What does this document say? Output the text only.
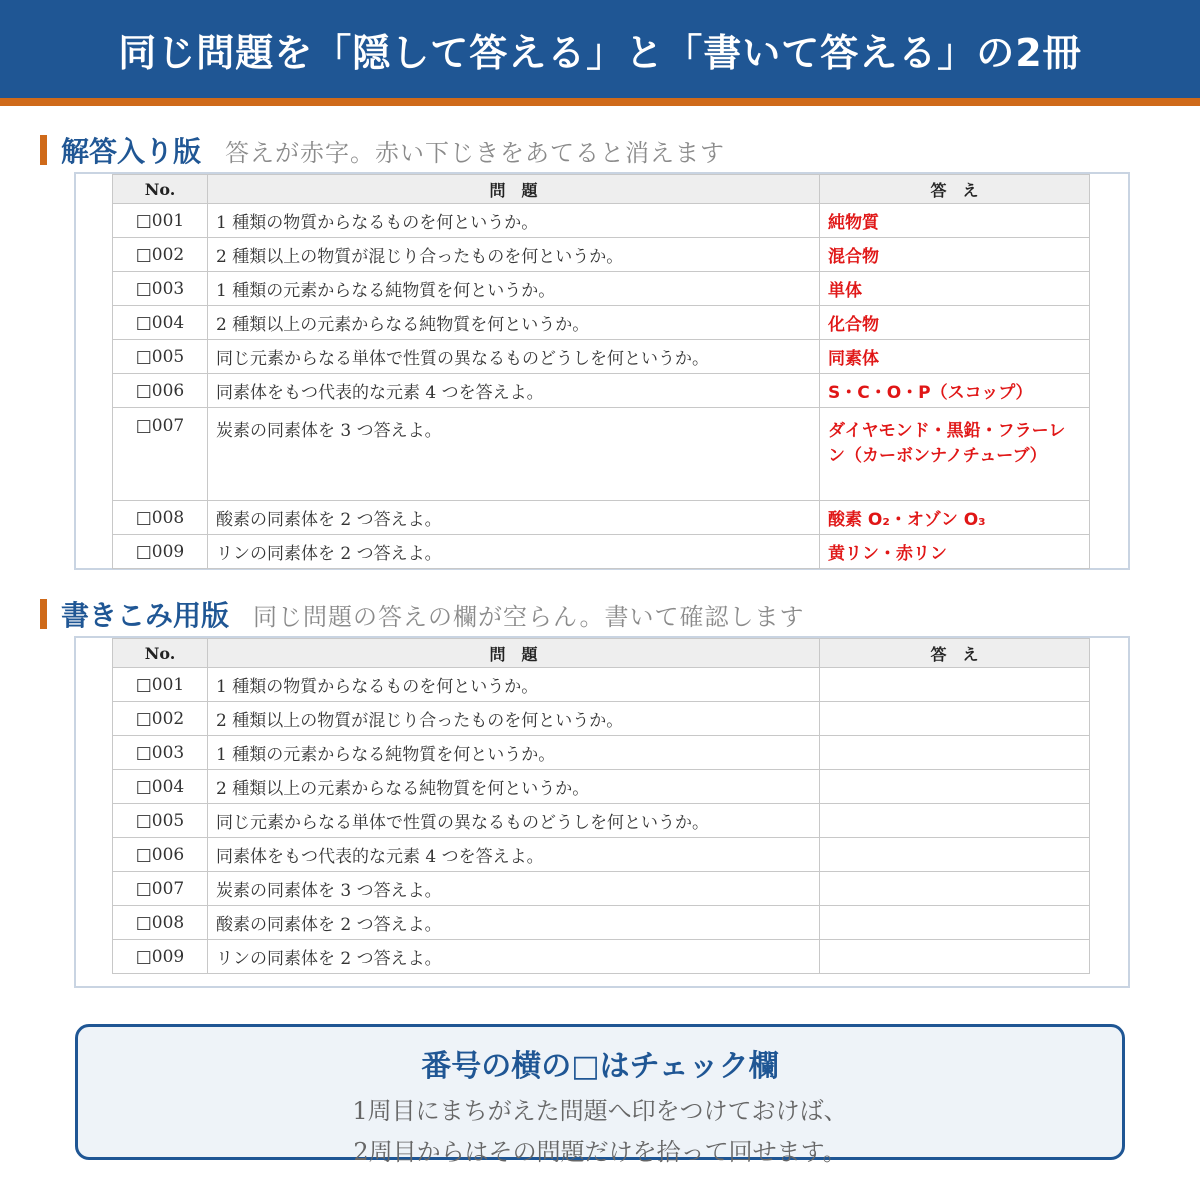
同じ問題を「隠して答える」と「書いて答える」の2冊
解答入り版 答えが赤字。赤い下じきをあてると消えます
No.	問　題	答　え
□001	1 種類の物質からなるものを何というか。	純物質
□002	2 種類以上の物質が混じり合ったものを何というか。	混合物
□003	1 種類の元素からなる純物質を何というか。	単体
□004	2 種類以上の元素からなる純物質を何というか。	化合物
□005	同じ元素からなる単体で性質の異なるものどうしを何というか。	同素体
□006	同素体をもつ代表的な元素 4 つを答えよ。	S・C・O・P（スコップ）
□007	炭素の同素体を 3 つ答えよ。	ダイヤモンド・黒鉛・フラーレン（カーボンナノチューブ）
□008	酸素の同素体を 2 つ答えよ。	酸素 O₂・オゾン O₃
□009	リンの同素体を 2 つ答えよ。	黄リン・赤リン
書きこみ用版 同じ問題の答えの欄が空らん。書いて確認します
No.	問　題	答　え
□001	1 種類の物質からなるものを何というか。	
□002	2 種類以上の物質が混じり合ったものを何というか。	
□003	1 種類の元素からなる純物質を何というか。	
□004	2 種類以上の元素からなる純物質を何というか。	
□005	同じ元素からなる単体で性質の異なるものどうしを何というか。	
□006	同素体をもつ代表的な元素 4 つを答えよ。	
□007	炭素の同素体を 3 つ答えよ。	
□008	酸素の同素体を 2 つ答えよ。	
□009	リンの同素体を 2 つ答えよ。	
番号の横の□はチェック欄
1周目にまちがえた問題へ印をつけておけば、
2周目からはその問題だけを拾って回せます。
